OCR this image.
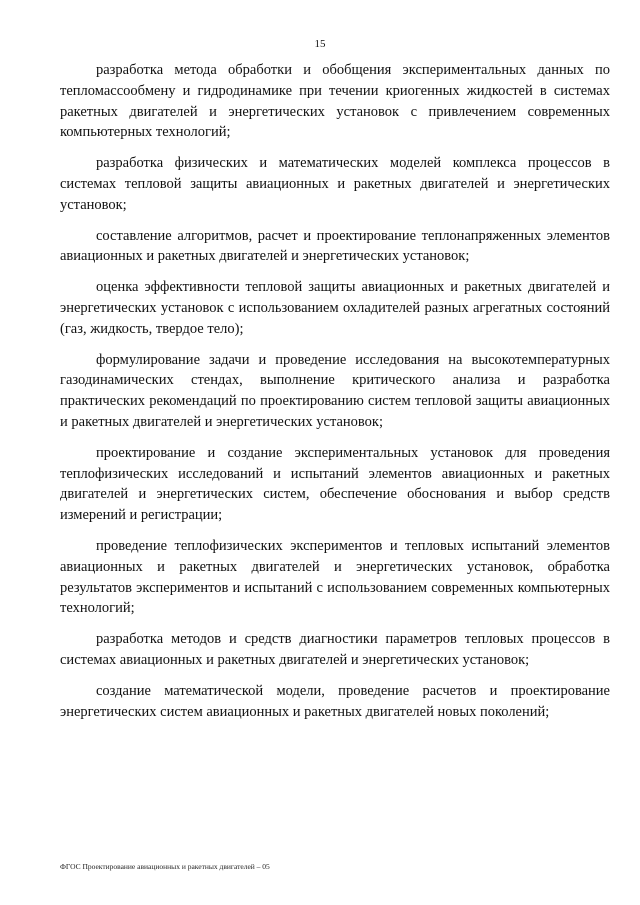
15

разработка метода обработки и обобщения экспериментальных данных по тепломассообмену и гидродинамике при течении криогенных жидкостей в системах ракетных двигателей и энергетических установок с привлечением современных компьютерных технологий;

разработка физических и математических моделей комплекса процессов в системах тепловой защиты авиационных и ракетных двигателей и энергетических установок;

составление алгоритмов, расчет и проектирование теплонапряженных элементов авиационных и ракетных двигателей и энергетических установок;

оценка эффективности тепловой защиты авиационных и ракетных двигателей и энергетических установок с использованием охладителей разных агрегатных состояний (газ, жидкость, твердое тело);

формулирование задачи и проведение исследования на высокотемпературных газодинамических стендах, выполнение критического анализа и разработка практических рекомендаций по проектированию систем тепловой защиты авиационных и ракетных двигателей и энергетических установок;

проектирование и создание экспериментальных установок для проведения теплофизических исследований и испытаний элементов авиационных и ракетных двигателей и энергетических систем, обеспечение обоснования и выбор средств измерений и регистрации;

проведение теплофизических экспериментов и тепловых испытаний элементов авиационных и ракетных двигателей и энергетических установок, обработка результатов экспериментов и испытаний с использованием современных компьютерных технологий;

разработка методов и средств диагностики параметров тепловых процессов в системах авиационных и ракетных двигателей и энергетических установок;

создание математической модели, проведение расчетов и проектирование энергетических систем авиационных и ракетных двигателей новых поколений;

ФГОС Проектирование авиационных и ракетных двигателей – 05
